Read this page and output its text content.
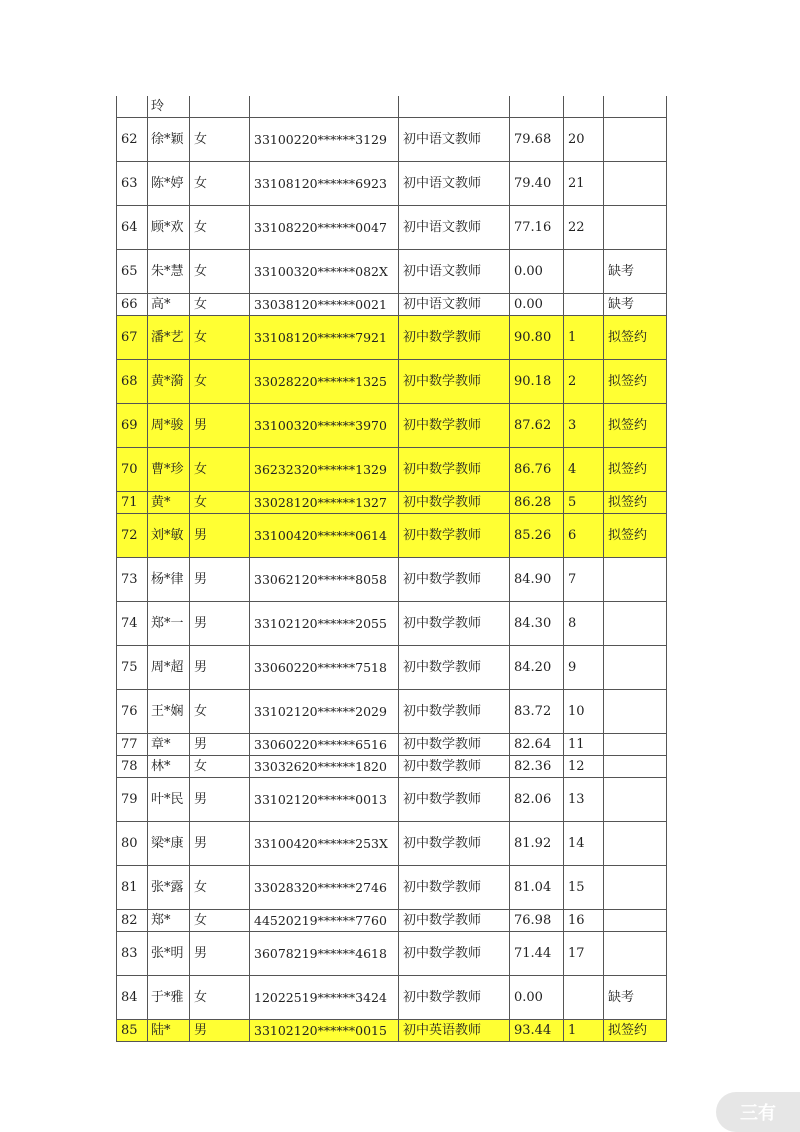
	玲						
62	徐*颖	女	33100220******3129	初中语文教师	79.68	20	
63	陈*婷	女	33108120******6923	初中语文教师	79.40	21	
64	顾*欢	女	33108220******0047	初中语文教师	77.16	22	
65	朱*慧	女	33100320******082X	初中语文教师	0.00		缺考
66	高*	女	33038120******0021	初中语文教师	0.00		缺考
67	潘*艺	女	33108120******7921	初中数学教师	90.80	1	拟签约
68	黄*漪	女	33028220******1325	初中数学教师	90.18	2	拟签约
69	周*骏	男	33100320******3970	初中数学教师	87.62	3	拟签约
70	曹*珍	女	36232320******1329	初中数学教师	86.76	4	拟签约
71	黄*	女	33028120******1327	初中数学教师	86.28	5	拟签约
72	刘*敏	男	33100420******0614	初中数学教师	85.26	6	拟签约
73	杨*律	男	33062120******8058	初中数学教师	84.90	7	
74	郑*一	男	33102120******2055	初中数学教师	84.30	8	
75	周*超	男	33060220******7518	初中数学教师	84.20	9	
76	王*娴	女	33102120******2029	初中数学教师	83.72	10	
77	章*	男	33060220******6516	初中数学教师	82.64	11	
78	林*	女	33032620******1820	初中数学教师	82.36	12	
79	叶*民	男	33102120******0013	初中数学教师	82.06	13	
80	梁*康	男	33100420******253X	初中数学教师	81.92	14	
81	张*露	女	33028320******2746	初中数学教师	81.04	15	
82	郑*	女	44520219******7760	初中数学教师	76.98	16	
83	张*明	男	36078219******4618	初中数学教师	71.44	17	
84	于*雅	女	12022519******3424	初中数学教师	0.00		缺考
85	陆*	男	33102120******0015	初中英语教师	93.44	1	拟签约
三有
